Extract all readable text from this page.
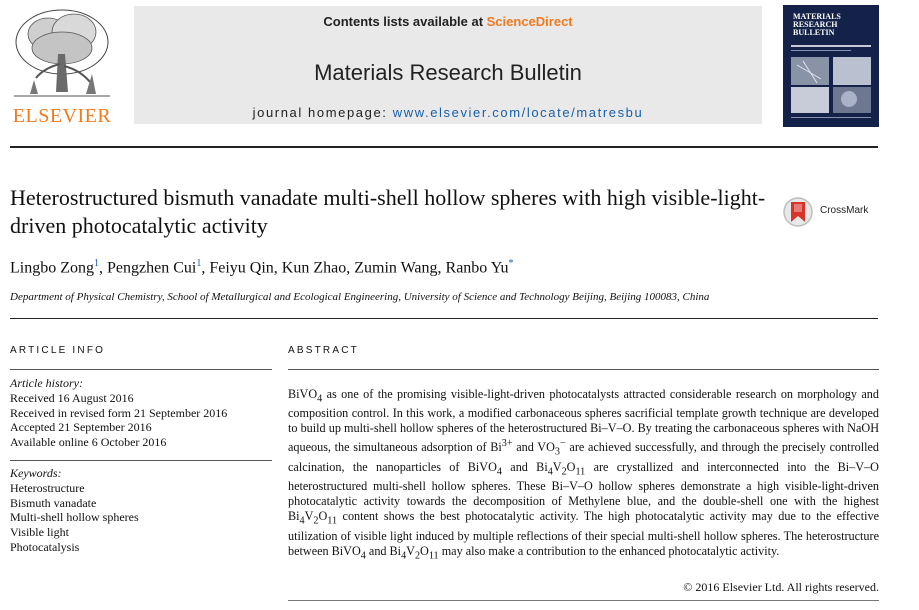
ELSEVIER
Contents lists available at ScienceDirect
Materials Research Bulletin
journal homepage: www.elsevier.com/locate/matresbu
MATERIALS RESEARCH BULLETIN
Heterostructured bismuth vanadate multi-shell hollow spheres with high visible-light-driven photocatalytic activity
CrossMark
Lingbo Zong$^1$, Pengzhen Cui$^1$, Feiyu Qin, Kun Zhao, Zumin Wang, Ranbo Yu*
Department of Physical Chemistry, School of Metallurgical and Ecological Engineering, University of Science and Technology Beijing, Beijing 100083, China
ARTICLE INFO	ABSTRACT
Article history:
Received 16 August 2016
Received in revised form 21 September 2016
Accepted 21 September 2016
Available online 6 October 2016
Keywords:
Heterostructure
Bismuth vanadate
Multi-shell hollow spheres
Visible light
Photocatalysis
BiVO$_4$ as one of the promising visible-light-driven photocatalysts attracted considerable research on morphology and composition control. In this work, a modified carbonaceous spheres sacrificial template growth technique are developed to build up multi-shell hollow spheres of the heterostructured Bi–V–O. By treating the carbonaceous spheres with NaOH aqueous, the simultaneous adsorption of $Bi^{3+}$ and $VO_3^-$ are achieved successfully, and through the precisely controlled calcination, the nanoparticles of BiVO$_4$ and $Bi_4V_2O_{11}$ are crystallized and interconnected into the Bi–V–O heterostructured multi-shell hollow spheres. These Bi–V–O hollow spheres demonstrate a high visible-light-driven photocatalytic activity towards the decomposition of Methylene blue, and the double-shell one with the highest $Bi_4V_2O_{11}$ content shows the best photocatalytic activity. The high photocatalytic activity may due to the effective utilization of visible light induced by multiple reflections of their special multi-shell hollow spheres. The heterostructure between BiVO$_4$ and $Bi_4V_2O_{11}$ may also make a contribution to the enhanced photocatalytic activity.
© 2016 Elsevier Ltd. All rights reserved.
